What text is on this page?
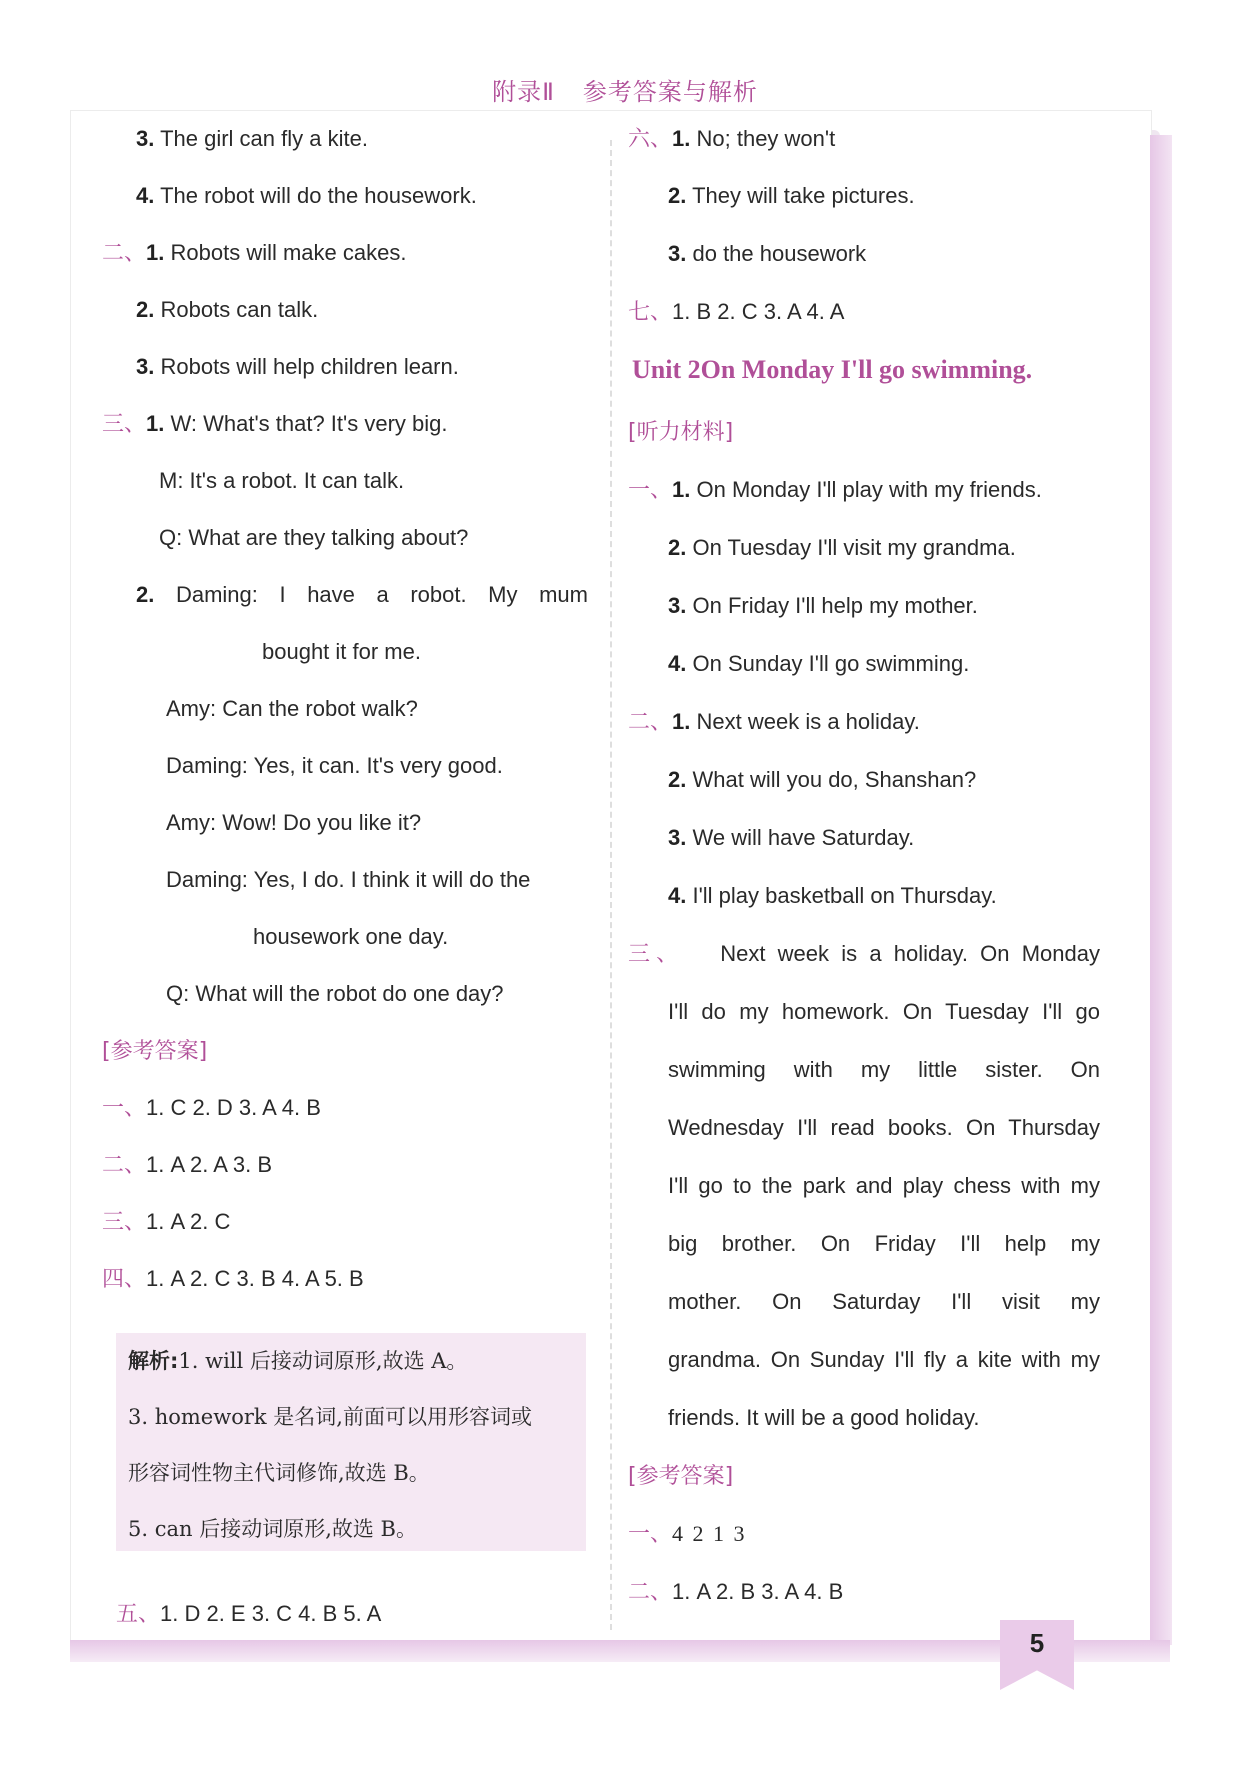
附录Ⅱ 参考答案与解析
3. The girl can fly a kite.
4. The robot will do the housework.
二、1. Robots will make cakes.
2. Robots can talk.
3. Robots will help children learn.
三、1. W: What's that? It's very big.
M: It's a robot. It can talk.
Q: What are they talking about?
2. Daming: I have a robot. My mum
bought it for me.
Amy: Can the robot walk?
Daming: Yes, it can. It's very good.
Amy: Wow! Do you like it?
Daming: Yes, I do. I think it will do the
housework one day.
Q: What will the robot do one day?
[参考答案]
一、1. C 2. D 3. A 4. B
二、1. A 2. A 3. B
三、1. A 2. C
四、1. A 2. C 3. B 4. A 5. B
解析:1. will 后接动词原形,故选 A。
3. homework 是名词,前面可以用形容词或
形容词性物主代词修饰,故选 B。
5. can 后接动词原形,故选 B。
五、1. D 2. E 3. C 4. B 5. A
六、1. No; they won't
2. They will take pictures.
3. do the housework
七、1. B 2. C 3. A 4. A
Unit 2On Monday I'll go swimming.
[听力材料]
一、1. On Monday I'll play with my friends.
2. On Tuesday I'll visit my grandma.
3. On Friday I'll help my mother.
4. On Sunday I'll go swimming.
二、1. Next week is a holiday.
2. What will you do, Shanshan?
3. We will have Saturday.
4. I'll play basketball on Thursday.
三、 Next week is a holiday. On Monday
I'll do my homework. On Tuesday I'll go
swimming with my little sister. On
Wednesday I'll read books. On Thursday
I'll go to the park and play chess with my
big brother. On Friday I'll help my
mother. On Saturday I'll visit my
grandma. On Sunday I'll fly a kite with my
friends. It will be a good holiday.
[参考答案]
一、4 2 1 3
二、1. A 2. B 3. A 4. B
5
